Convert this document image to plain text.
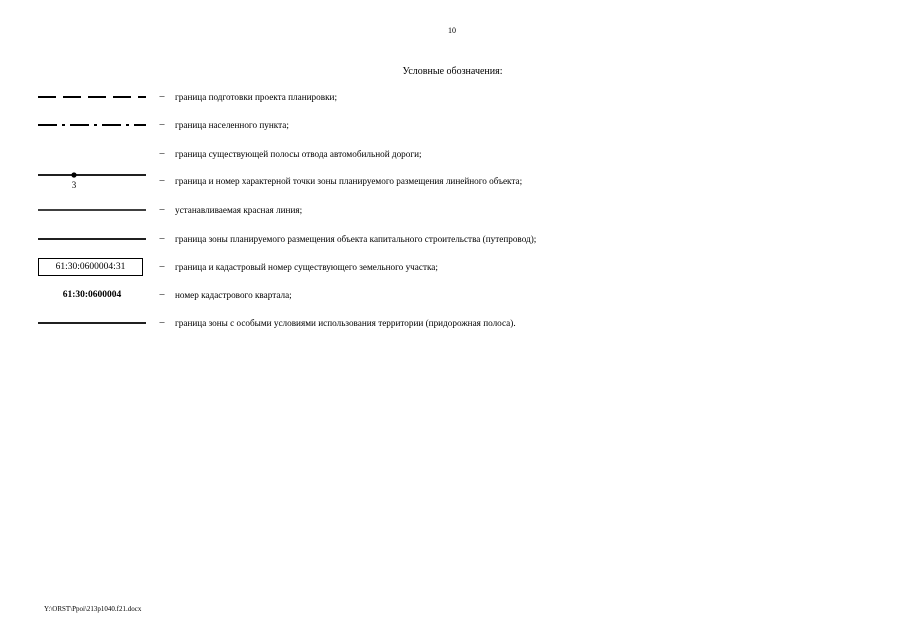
10
Условные обозначения:
–	граница подготовки проекта планировки;
–	граница населенного пункта;
–	граница существующей полосы отвода автомобильной дороги;
3	–	граница и номер характерной точки зоны планируемого размещения линейного объекта;
–	устанавливаемая красная линия;
–	граница зоны планируемого размещения объекта капитального строительства (путепровод);
61:30:0600004:31	–	граница и кадастровый номер существующего земельного участка;
61:30:0600004	–	номер кадастрового квартала;
–	граница зоны с особыми условиями использования территории (придорожная полоса).
Y:\ORST\Ppoi\213p1040.f21.docx
